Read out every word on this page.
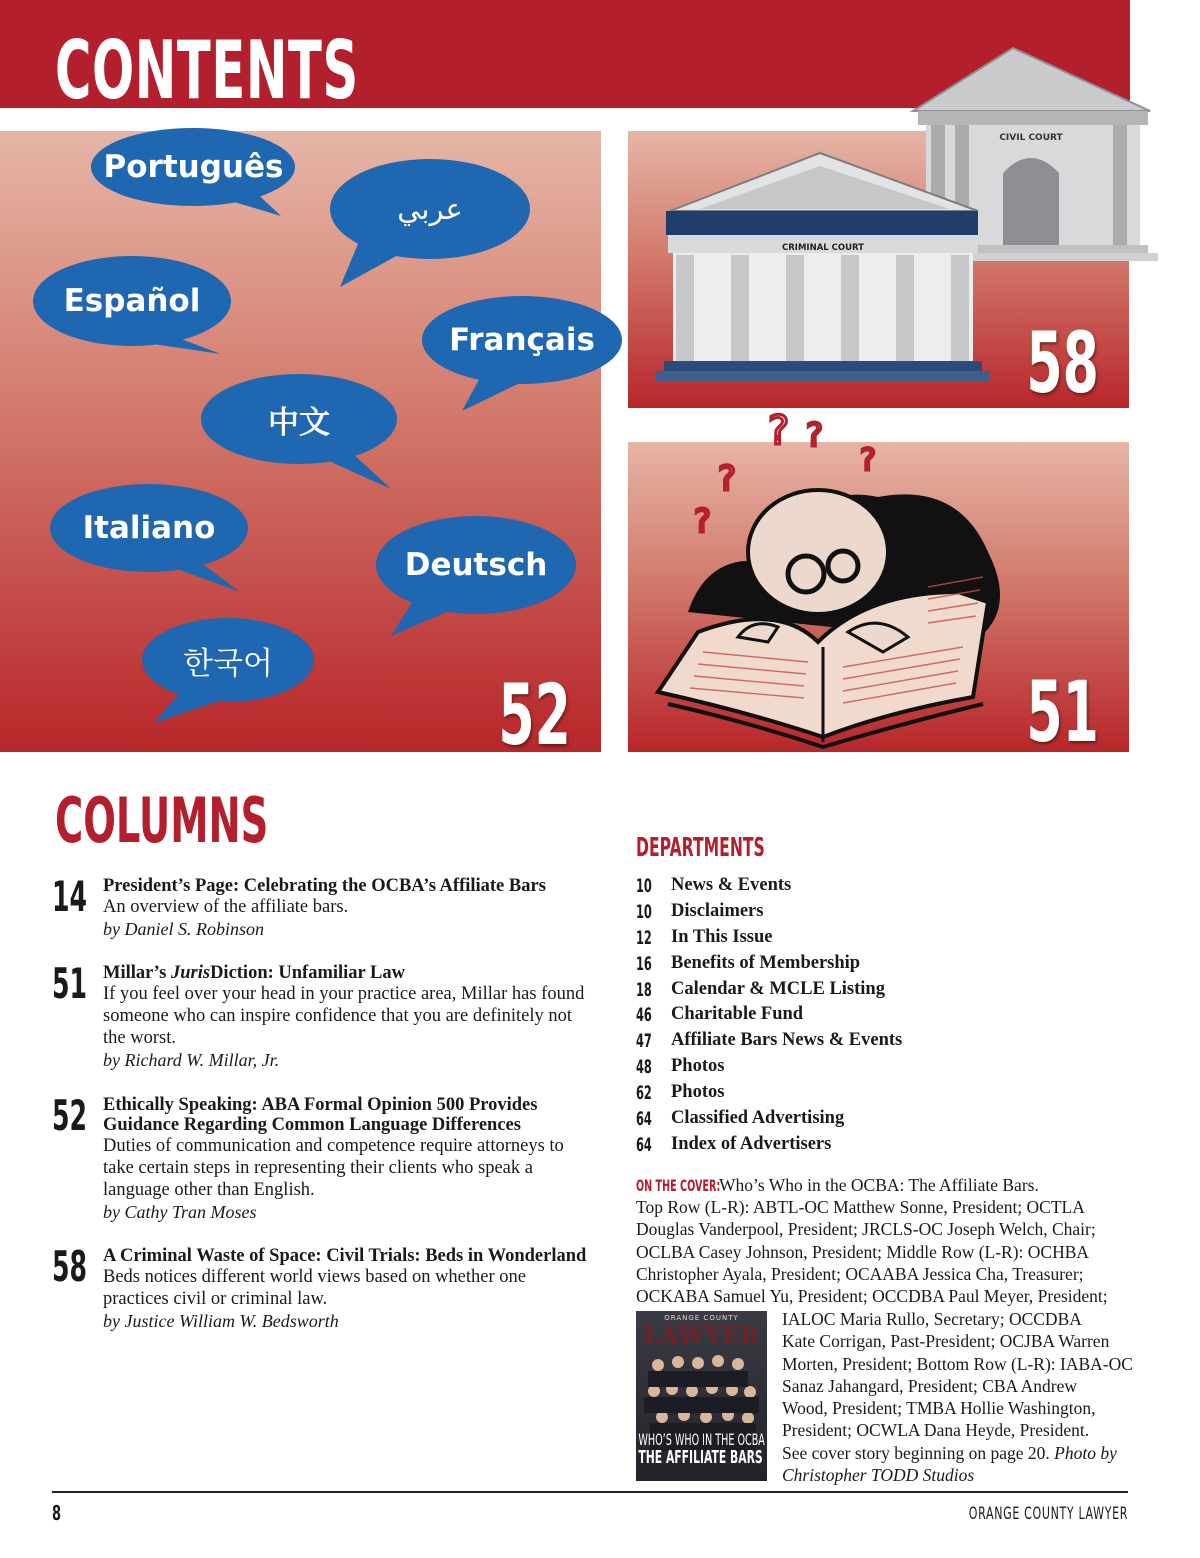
CONTENTS
Português
عربي
Español
Français
中文
Italiano
Deutsch
한국어
52
CIVIL COURT
CRIMINAL COURT
58
? ?
?
?
?
51
COLUMNS
14 President’s Page: Celebrating the OCBA’s Affiliate Bars

An overview of the affiliate bars.

by Daniel S. Robinson

51 Millar’s JurisDiction: Unfamiliar Law

If you feel over your head in your practice area, Millar has found
someone who can inspire confidence that you are definitely not
the worst.

by Richard W. Millar, Jr.

52 Ethically Speaking: ABA Formal Opinion 500 Provides
Guidance Regarding Common Language Differences

Duties of communication and competence require attorneys to
take certain steps in representing their clients who speak a
language other than English.

by Cathy Tran Moses

58 A Criminal Waste of Space: Civil Trials: Beds in Wonderland

Beds notices different world views based on whether one
practices civil or criminal law.

by Justice William W. Bedsworth

DEPARTMENTS
10 News & Events
10 Disclaimers
12 In This Issue
16 Benefits of Membership
18 Calendar & MCLE Listing
46 Charitable Fund
47 Affiliate Bars News & Events
48 Photos
62 Photos
64 Classified Advertising
64 Index of Advertisers
ON THE COVER:
Who’s Who in the OCBA: The Affiliate Bars.
Top Row (L-R): ABTL-OC Matthew Sonne, President; OCTLA
Douglas Vanderpool, President; JRCLS-OC Joseph Welch, Chair;
OCLBA Casey Johnson, President; Middle Row (L-R): OCHBA
Christopher Ayala, President; OCAABA Jessica Cha, Treasurer;
OCKABA Samuel Yu, President; OCCDBA Paul Meyer, President;
IALOC Maria Rullo, Secretary; OCCDBA
Kate Corrigan, Past-President; OCJBA Warren
Morten, President; Bottom Row (L-R): IABA-OC
Sanaz Jahangard, President; CBA Andrew
Wood, President; TMBA Hollie Washington,
President; OCWLA Dana Heyde, President.
See cover story beginning on page 20. Photo by
Christopher TODD Studios
ORANGE COUNTY
LAWYER
WHO’S WHO IN THE OCBA
THE AFFILIATE BARS
8	ORANGE COUNTY LAWYER
